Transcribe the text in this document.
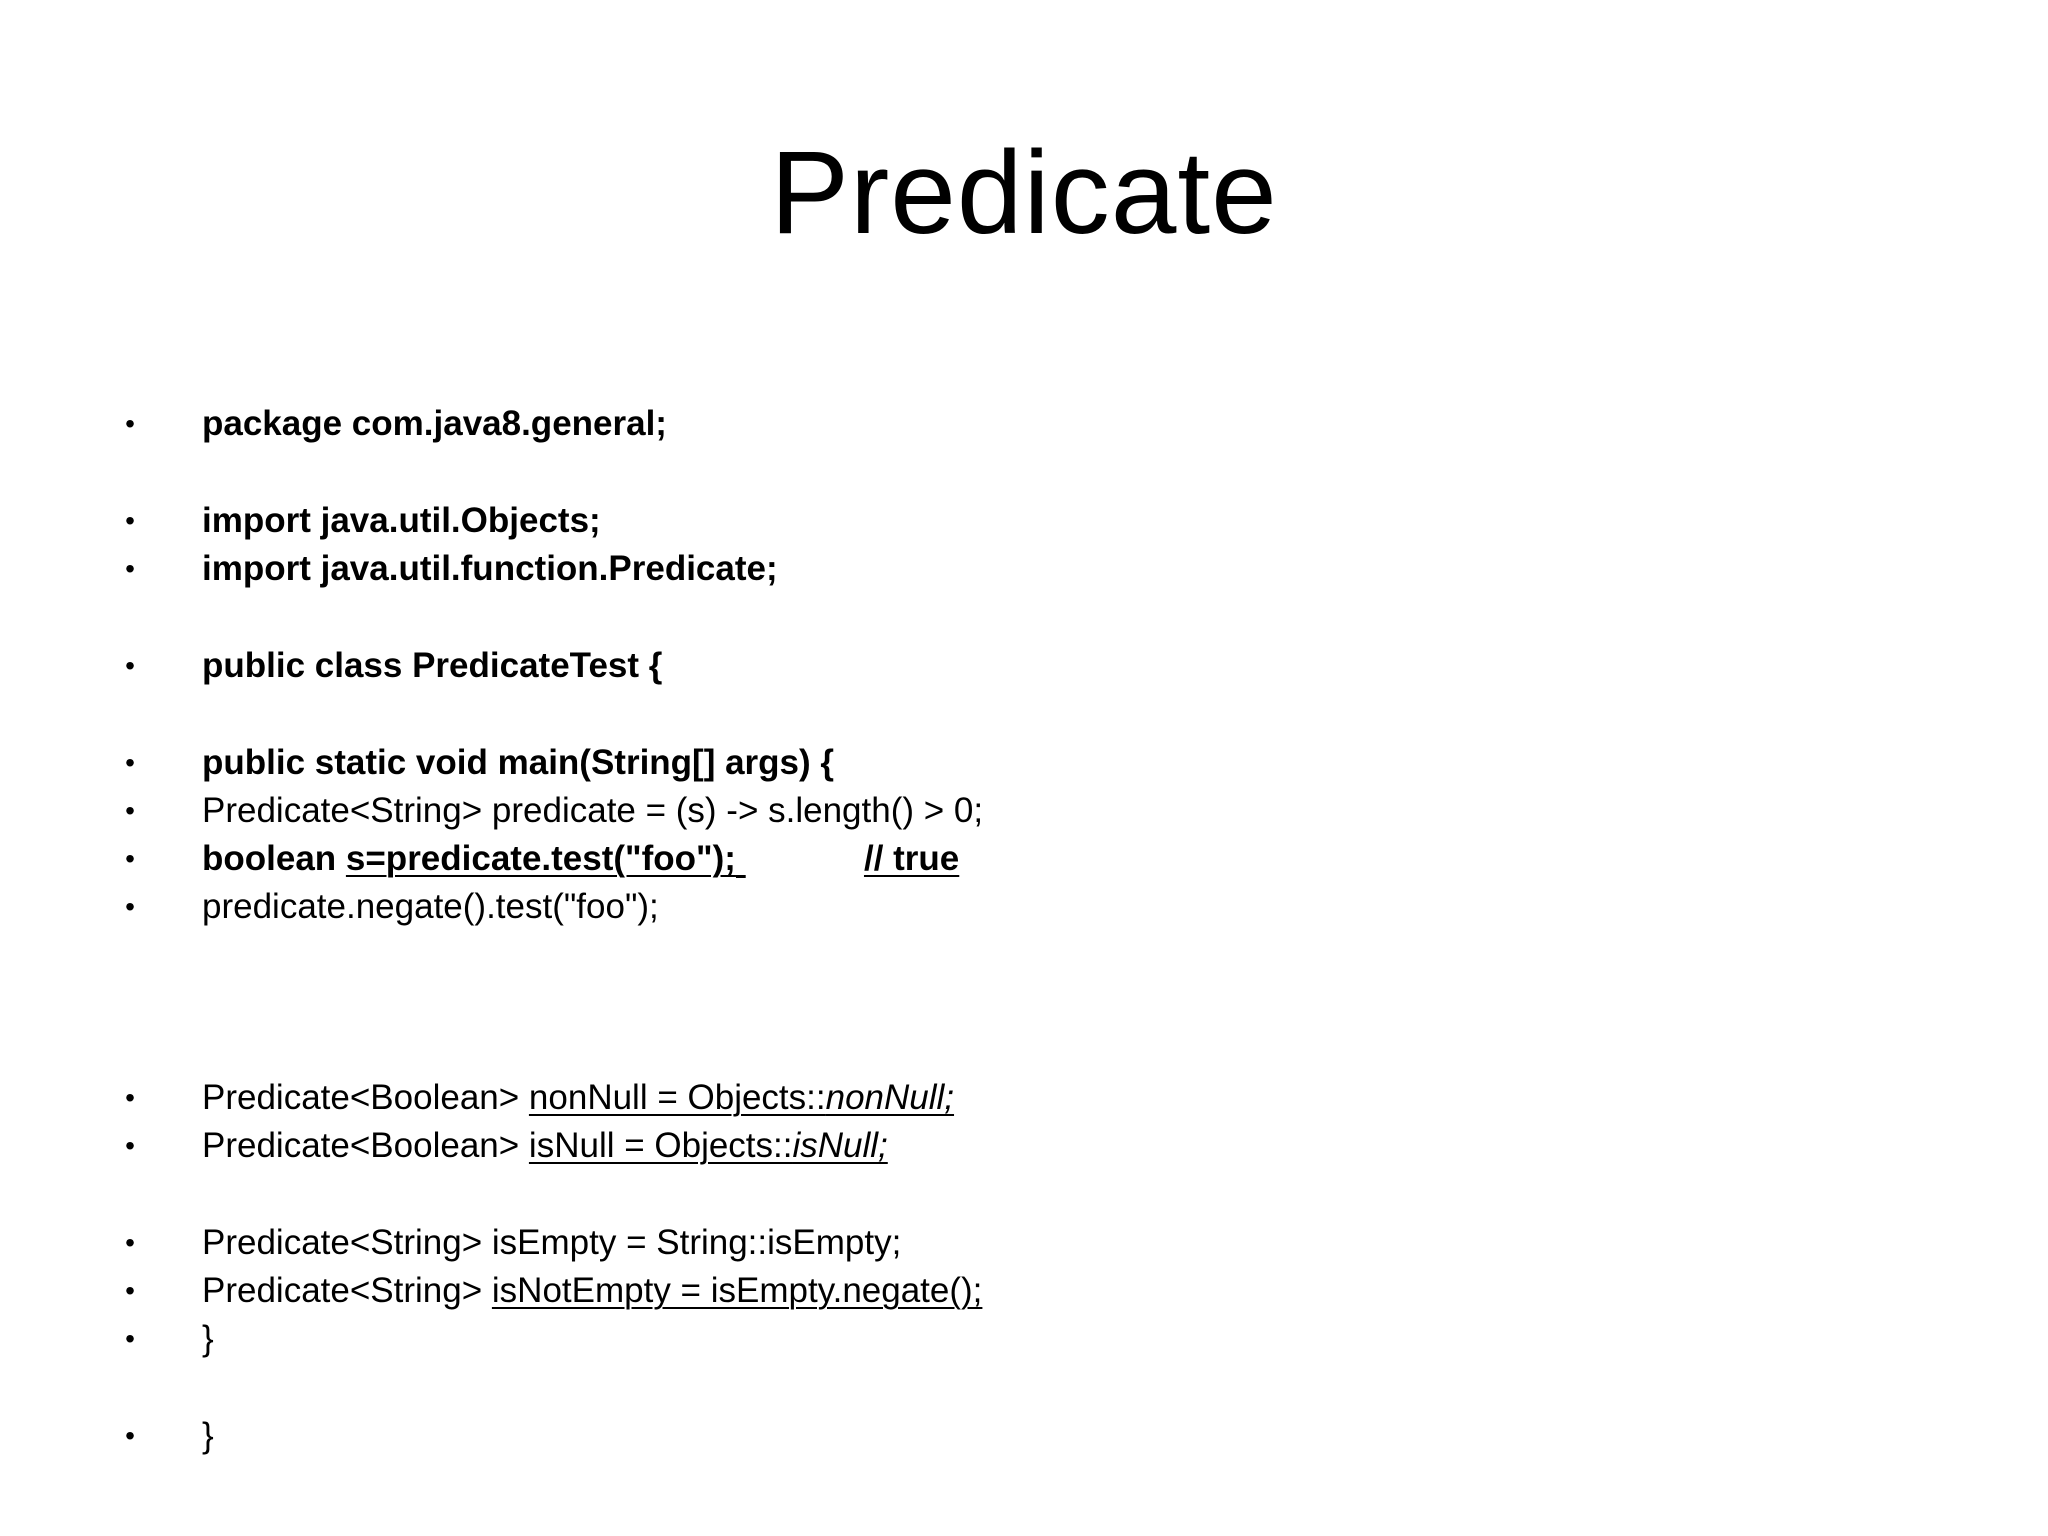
Predicate
• package com.java8.general;
• import java.util.Objects;
• import java.util.function.Predicate;
• public class PredicateTest {
• public static void main(String[] args) {
• Predicate<String> predicate = (s) -> s.length() > 0;
• boolean s=predicate.test("foo");	// true
• predicate.negate().test("foo");
• Predicate<Boolean> nonNull = Objects::nonNull;
• Predicate<Boolean> isNull = Objects::isNull;
• Predicate<String> isEmpty = String::isEmpty;
• Predicate<String> isNotEmpty = isEmpty.negate();
• }
• }
